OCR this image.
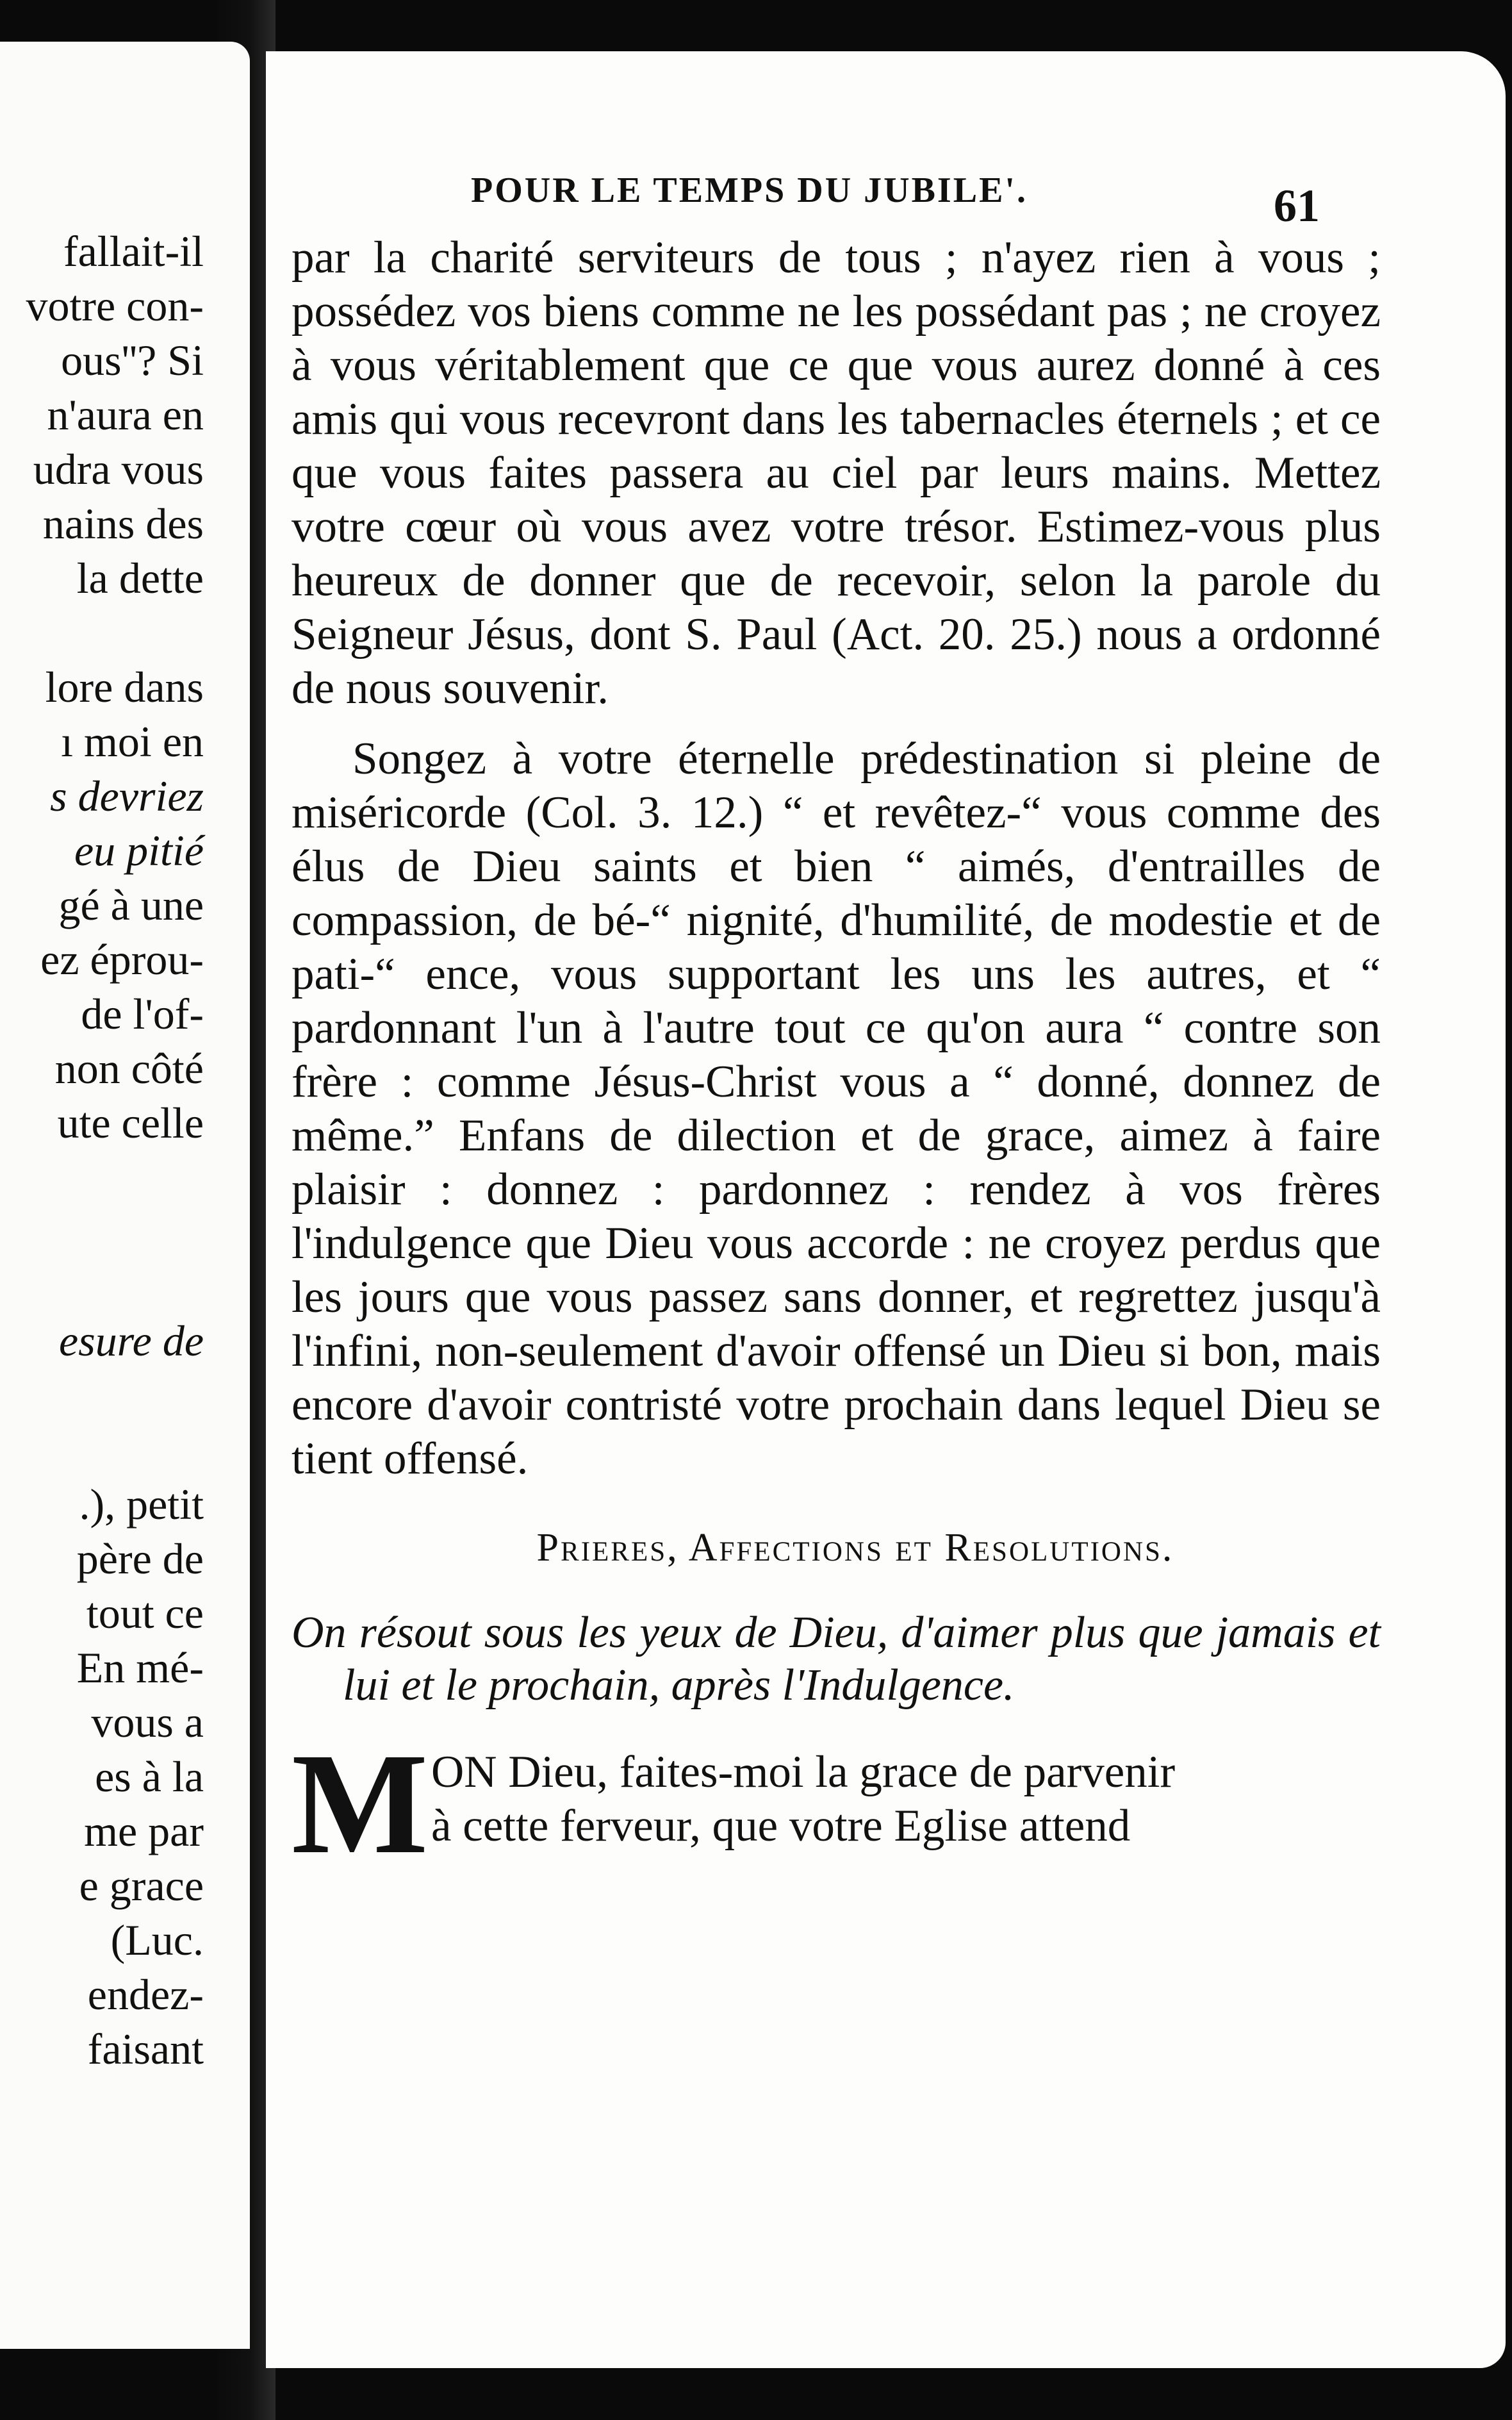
fallait-il
votre con-
ous''? Si
n'aura en
udra vous
nains des
la dette
lore dans
ı moi en
s devriez
eu pitié
gé à une
ez éprou-
de l'of-
non côté
ute celle
esure de
.), petit
père de
tout ce
En mé-
vous a
es à la
me par
e grace
(Luc.
endez-
faisant
POUR LE TEMPS DU JUBILE'.	61

par la charité serviteurs de tous ; n'ayez rien à vous ; possédez vos biens comme ne les possédant pas ; ne croyez à vous véritablement que ce que vous aurez donné à ces amis qui vous recevront dans les tabernacles éternels ; et ce que vous faites passera au ciel par leurs mains. Mettez votre cœur où vous avez votre trésor. Estimez-vous plus heureux de donner que de recevoir, selon la parole du Seigneur Jésus, dont S. Paul (Act. 20. 25.) nous a ordonné de nous souvenir.

Songez à votre éternelle prédestination si pleine de miséricorde (Col. 3. 12.) “ et revêtez-“ vous comme des élus de Dieu saints et bien “ aimés, d'entrailles de compassion, de bé-“ nignité, d'humilité, de modestie et de pati-“ ence, vous supportant les uns les autres, et “ pardonnant l'un à l'autre tout ce qu'on aura “ contre son frère : comme Jésus-Christ vous a “ donné, donnez de même.” Enfans de dilection et de grace, aimez à faire plaisir : donnez : pardonnez : rendez à vos frères l'indulgence que Dieu vous accorde : ne croyez perdus que les jours que vous passez sans donner, et regrettez jusqu'à l'infini, non-seulement d'avoir offensé un Dieu si bon, mais encore d'avoir contristé votre prochain dans lequel Dieu se tient offensé.

Prieres, Affections et Resolutions.

On résout sous les yeux de Dieu, d'aimer plus que jamais et lui et le prochain, après l'Indulgence.

M ON Dieu, faites-moi la grace de parvenir
à cette ferveur, que votre Eglise attend
